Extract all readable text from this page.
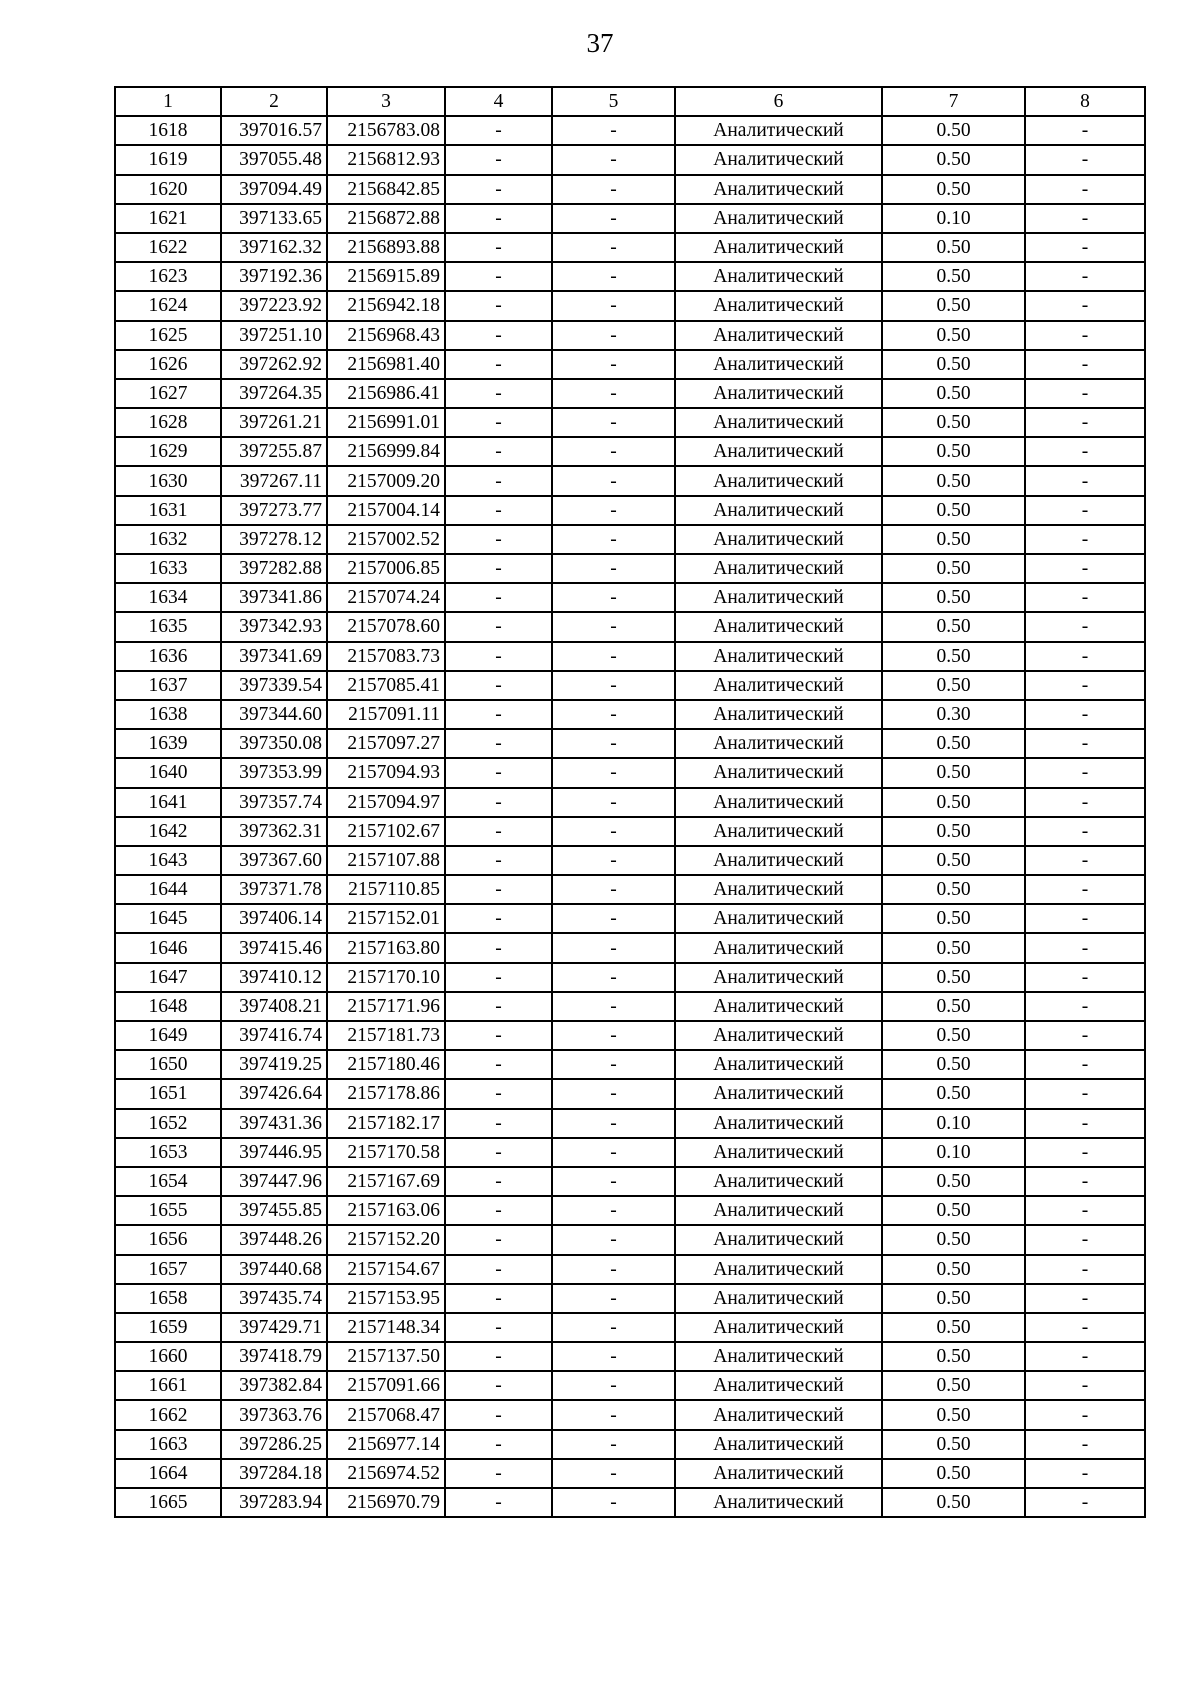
37
1	2	3	4	5	6	7	8
1618	397016.57	2156783.08	-	-	Аналитический	0.50	-
1619	397055.48	2156812.93	-	-	Аналитический	0.50	-
1620	397094.49	2156842.85	-	-	Аналитический	0.50	-
1621	397133.65	2156872.88	-	-	Аналитический	0.10	-
1622	397162.32	2156893.88	-	-	Аналитический	0.50	-
1623	397192.36	2156915.89	-	-	Аналитический	0.50	-
1624	397223.92	2156942.18	-	-	Аналитический	0.50	-
1625	397251.10	2156968.43	-	-	Аналитический	0.50	-
1626	397262.92	2156981.40	-	-	Аналитический	0.50	-
1627	397264.35	2156986.41	-	-	Аналитический	0.50	-
1628	397261.21	2156991.01	-	-	Аналитический	0.50	-
1629	397255.87	2156999.84	-	-	Аналитический	0.50	-
1630	397267.11	2157009.20	-	-	Аналитический	0.50	-
1631	397273.77	2157004.14	-	-	Аналитический	0.50	-
1632	397278.12	2157002.52	-	-	Аналитический	0.50	-
1633	397282.88	2157006.85	-	-	Аналитический	0.50	-
1634	397341.86	2157074.24	-	-	Аналитический	0.50	-
1635	397342.93	2157078.60	-	-	Аналитический	0.50	-
1636	397341.69	2157083.73	-	-	Аналитический	0.50	-
1637	397339.54	2157085.41	-	-	Аналитический	0.50	-
1638	397344.60	2157091.11	-	-	Аналитический	0.30	-
1639	397350.08	2157097.27	-	-	Аналитический	0.50	-
1640	397353.99	2157094.93	-	-	Аналитический	0.50	-
1641	397357.74	2157094.97	-	-	Аналитический	0.50	-
1642	397362.31	2157102.67	-	-	Аналитический	0.50	-
1643	397367.60	2157107.88	-	-	Аналитический	0.50	-
1644	397371.78	2157110.85	-	-	Аналитический	0.50	-
1645	397406.14	2157152.01	-	-	Аналитический	0.50	-
1646	397415.46	2157163.80	-	-	Аналитический	0.50	-
1647	397410.12	2157170.10	-	-	Аналитический	0.50	-
1648	397408.21	2157171.96	-	-	Аналитический	0.50	-
1649	397416.74	2157181.73	-	-	Аналитический	0.50	-
1650	397419.25	2157180.46	-	-	Аналитический	0.50	-
1651	397426.64	2157178.86	-	-	Аналитический	0.50	-
1652	397431.36	2157182.17	-	-	Аналитический	0.10	-
1653	397446.95	2157170.58	-	-	Аналитический	0.10	-
1654	397447.96	2157167.69	-	-	Аналитический	0.50	-
1655	397455.85	2157163.06	-	-	Аналитический	0.50	-
1656	397448.26	2157152.20	-	-	Аналитический	0.50	-
1657	397440.68	2157154.67	-	-	Аналитический	0.50	-
1658	397435.74	2157153.95	-	-	Аналитический	0.50	-
1659	397429.71	2157148.34	-	-	Аналитический	0.50	-
1660	397418.79	2157137.50	-	-	Аналитический	0.50	-
1661	397382.84	2157091.66	-	-	Аналитический	0.50	-
1662	397363.76	2157068.47	-	-	Аналитический	0.50	-
1663	397286.25	2156977.14	-	-	Аналитический	0.50	-
1664	397284.18	2156974.52	-	-	Аналитический	0.50	-
1665	397283.94	2156970.79	-	-	Аналитический	0.50	-
